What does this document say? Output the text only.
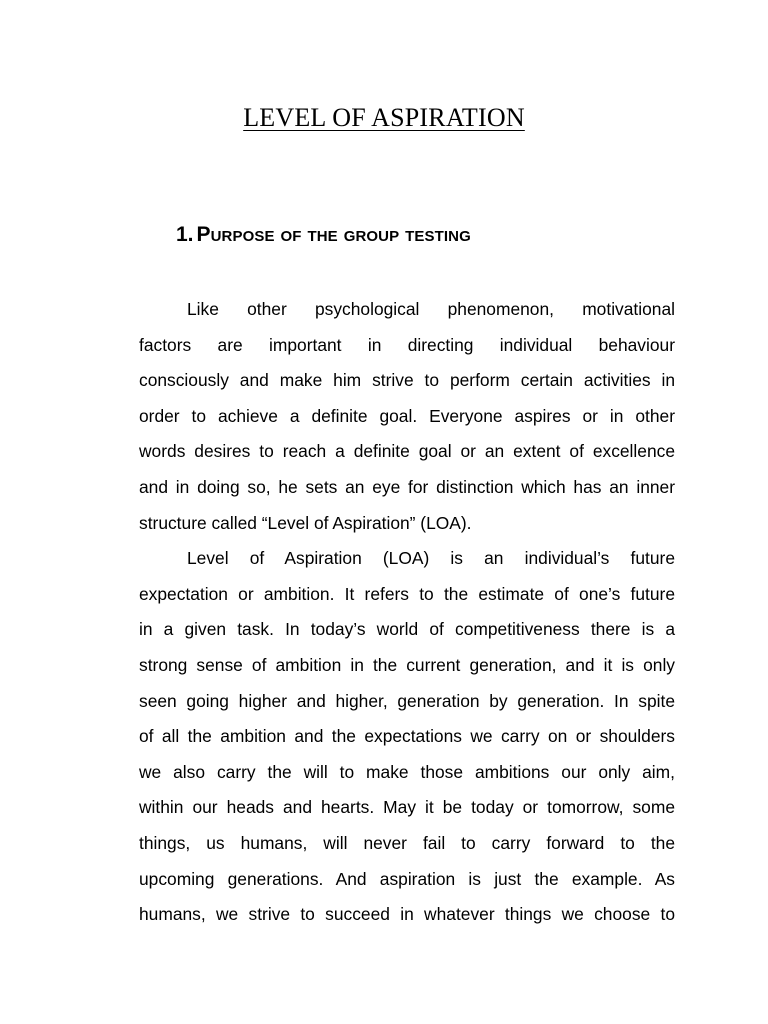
LEVEL OF ASPIRATION
1. Purpose of the group testing
Like other psychological phenomenon, motivational
factors are important in directing individual behaviour
consciously and make him strive to perform certain activities in
order to achieve a definite goal. Everyone aspires or in other
words desires to reach a definite goal or an extent of excellence
and in doing so, he sets an eye for distinction which has an inner
structure called “Level of Aspiration” (LOA).
Level of Aspiration (LOA) is an individual’s future
expectation or ambition. It refers to the estimate of one’s future
in a given task. In today’s world of competitiveness there is a
strong sense of ambition in the current generation, and it is only
seen going higher and higher, generation by generation. In spite
of all the ambition and the expectations we carry on or shoulders
we also carry the will to make those ambitions our only aim,
within our heads and hearts. May it be today or tomorrow, some
things, us humans, will never fail to carry forward to the
upcoming generations. And aspiration is just the example. As
humans, we strive to succeed in whatever things we choose to
